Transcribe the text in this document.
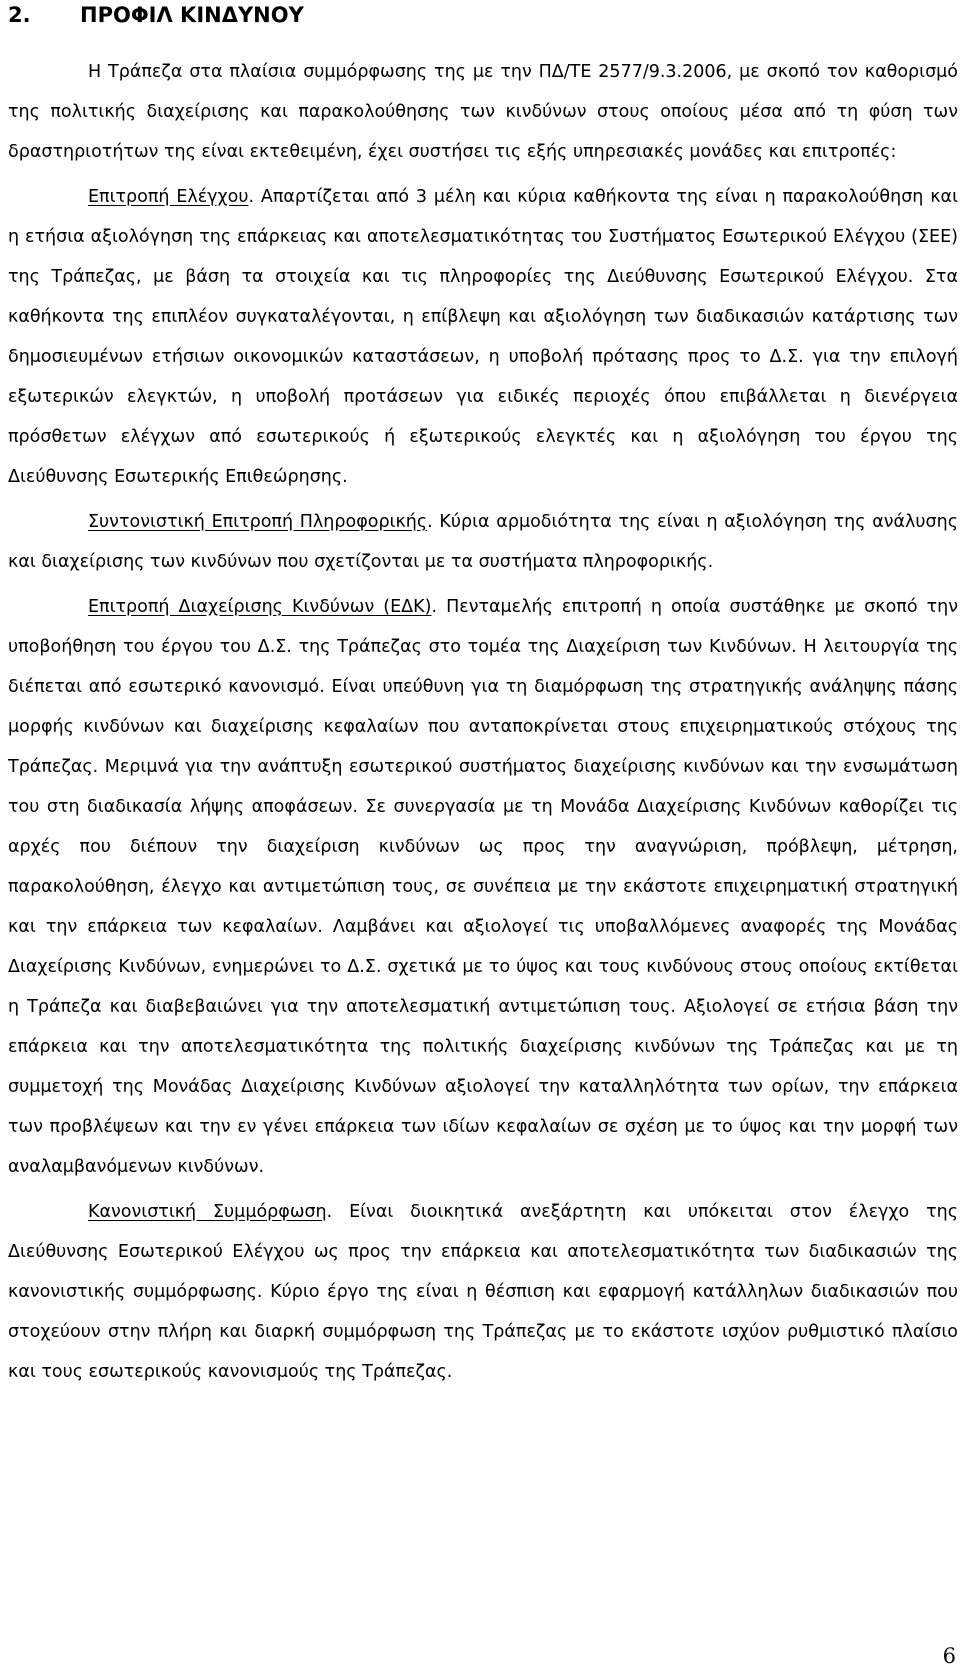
2. ΠΡΟΦΙΛ ΚΙΝΔΥΝΟΥ

Η Τράπεζα στα πλαίσια συμμόρφωσης της με την ΠΔ/ΤΕ 2577/9.3.2006, με σκοπό τον καθορισμό της πολιτικής διαχείρισης και παρακολούθησης των κινδύνων στους οποίους μέσα από τη φύση των δραστηριοτήτων της είναι εκτεθειμένη, έχει συστήσει τις εξής υπηρεσιακές μονάδες και επιτροπές:

Επιτροπή Ελέγχου. Απαρτίζεται από 3 μέλη και κύρια καθήκοντα της είναι η παρακολούθηση και η ετήσια αξιολόγηση της επάρκειας και αποτελεσματικότητας του Συστήματος Εσωτερικού Ελέγχου (ΣΕΕ) της Τράπεζας, με βάση τα στοιχεία και τις πληροφορίες της Διεύθυνσης Εσωτερικού Ελέγχου. Στα καθήκοντα της επιπλέον συγκαταλέγονται, η επίβλεψη και αξιολόγηση των διαδικασιών κατάρτισης των δημοσιευμένων ετήσιων οικονομικών καταστάσεων, η υποβολή πρότασης προς το Δ.Σ. για την επιλογή εξωτερικών ελεγκτών, η υποβολή προτάσεων για ειδικές περιοχές όπου επιβάλλεται η διενέργεια πρόσθετων ελέγχων από εσωτερικούς ή εξωτερικούς ελεγκτές και η αξιολόγηση του έργου της Διεύθυνσης Εσωτερικής Επιθεώρησης.

Συντονιστική Επιτροπή Πληροφορικής. Κύρια αρμοδιότητα της είναι η αξιολόγηση της ανάλυσης και διαχείρισης των κινδύνων που σχετίζονται με τα συστήματα πληροφορικής.

Επιτροπή Διαχείρισης Κινδύνων (ΕΔΚ). Πενταμελής επιτροπή η οποία συστάθηκε με σκοπό την υποβοήθηση του έργου του Δ.Σ. της Τράπεζας στο τομέα της Διαχείριση των Κινδύνων. Η λειτουργία της διέπεται από εσωτερικό κανονισμό. Είναι υπεύθυνη για τη διαμόρφωση της στρατηγικής ανάληψης πάσης μορφής κινδύνων και διαχείρισης κεφαλαίων που ανταποκρίνεται στους επιχειρηματικούς στόχους της Τράπεζας. Μεριμνά για την ανάπτυξη εσωτερικού συστήματος διαχείρισης κινδύνων και την ενσωμάτωση του στη διαδικασία λήψης αποφάσεων. Σε συνεργασία με τη Μονάδα Διαχείρισης Κινδύνων καθορίζει τις αρχές που διέπουν την διαχείριση κινδύνων ως προς την αναγνώριση, πρόβλεψη, μέτρηση, παρακολούθηση, έλεγχο και αντιμετώπιση τους, σε συνέπεια με την εκάστοτε επιχειρηματική στρατηγική και την επάρκεια των κεφαλαίων. Λαμβάνει και αξιολογεί τις υποβαλλόμενες αναφορές της Μονάδας Διαχείρισης Κινδύνων, ενημερώνει το Δ.Σ. σχετικά με το ύψος και τους κινδύνους στους οποίους εκτίθεται η Τράπεζα και διαβεβαιώνει για την αποτελεσματική αντιμετώπιση τους. Αξιολογεί σε ετήσια βάση την επάρκεια και την αποτελεσματικότητα της πολιτικής διαχείρισης κινδύνων της Τράπεζας και με τη συμμετοχή της Μονάδας Διαχείρισης Κινδύνων αξιολογεί την καταλληλότητα των ορίων, την επάρκεια των προβλέψεων και την εν γένει επάρκεια των ιδίων κεφαλαίων σε σχέση με το ύψος και την μορφή των αναλαμβανόμενων κινδύνων.

Κανονιστική Συμμόρφωση. Είναι διοικητικά ανεξάρτητη και υπόκειται στον έλεγχο της Διεύθυνσης Εσωτερικού Ελέγχου ως προς την επάρκεια και αποτελεσματικότητα των διαδικασιών της κανονιστικής συμμόρφωσης. Κύριο έργο της είναι η θέσπιση και εφαρμογή κατάλληλων διαδικασιών που στοχεύουν στην πλήρη και διαρκή συμμόρφωση της Τράπεζας με το εκάστοτε ισχύον ρυθμιστικό πλαίσιο και τους εσωτερικούς κανονισμούς της Τράπεζας.

6
